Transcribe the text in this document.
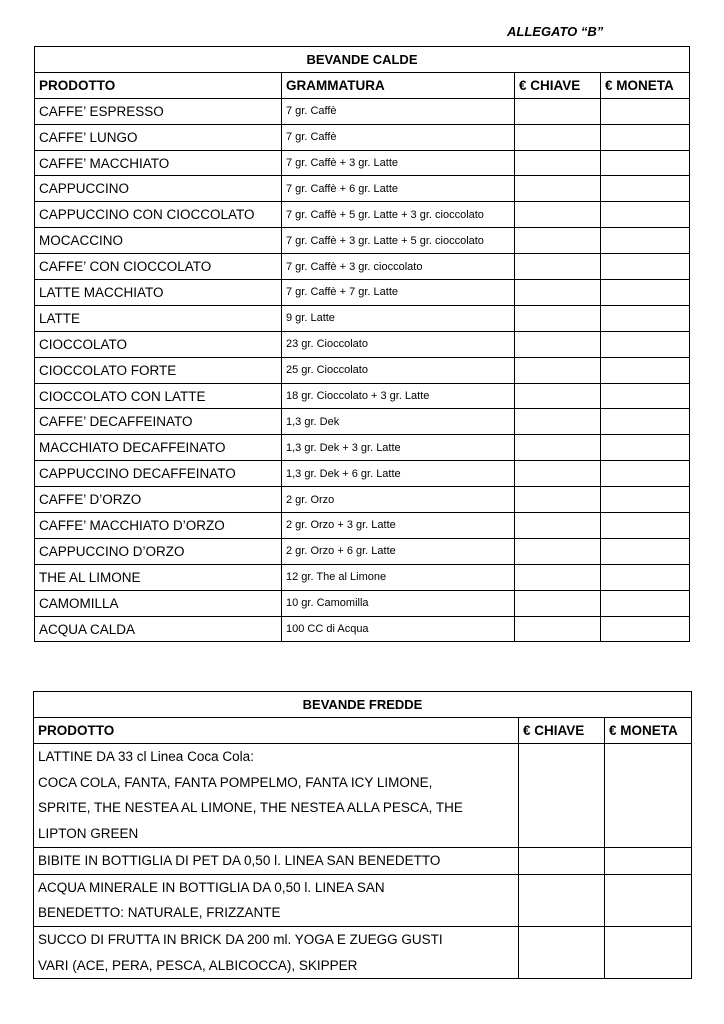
ALLEGATO “B”
BEVANDE CALDE			
PRODOTTO	GRAMMATURA	€ CHIAVE	€ MONETA
CAFFE’ ESPRESSO	7 gr. Caffè		
CAFFE’ LUNGO	7 gr. Caffè		
CAFFE’ MACCHIATO	7 gr. Caffè + 3 gr. Latte		
CAPPUCCINO	7 gr. Caffè + 6 gr. Latte		
CAPPUCCINO CON CIOCCOLATO	7 gr. Caffè + 5 gr. Latte + 3 gr. cioccolato		
MOCACCINO	7 gr. Caffè + 3 gr. Latte + 5 gr. cioccolato		
CAFFE’ CON CIOCCOLATO	7 gr. Caffè + 3 gr. cioccolato		
LATTE MACCHIATO	7 gr. Caffè + 7 gr. Latte		
LATTE	9 gr. Latte		
CIOCCOLATO	23 gr. Cioccolato		
CIOCCOLATO FORTE	25 gr. Cioccolato		
CIOCCOLATO CON LATTE	18 gr. Cioccolato + 3 gr. Latte		
CAFFE’ DECAFFEINATO	1,3 gr. Dek		
MACCHIATO DECAFFEINATO	1,3 gr. Dek + 3 gr. Latte		
CAPPUCCINO DECAFFEINATO	1,3 gr. Dek + 6 gr. Latte		
CAFFE’ D’ORZO	2 gr. Orzo		
CAFFE’ MACCHIATO D’ORZO	2 gr. Orzo + 3 gr. Latte		
CAPPUCCINO D’ORZO	2 gr. Orzo + 6 gr. Latte		
THE AL LIMONE	12 gr. The al Limone		
CAMOMILLA	10 gr. Camomilla		
ACQUA CALDA	100 CC di Acqua		
BEVANDE FREDDE		
PRODOTTO	€ CHIAVE	€ MONETA

LATTINE DA 33 cl Linea Coca Cola:
COCA COLA, FANTA, FANTA POMPELMO, FANTA ICY LIMONE,
SPRITE, THE NESTEA AL LIMONE, THE NESTEA ALLA PESCA, THE
LIPTON GREEN		

BIBITE IN BOTTIGLIA DI PET DA 0,50 l. LINEA SAN BENEDETTO		

ACQUA MINERALE IN BOTTIGLIA DA 0,50 l. LINEA SAN
BENEDETTO: NATURALE, FRIZZANTE		

SUCCO DI FRUTTA IN BRICK DA 200 ml. YOGA E ZUEGG GUSTI
VARI (ACE, PERA, PESCA, ALBICOCCA), SKIPPER		
